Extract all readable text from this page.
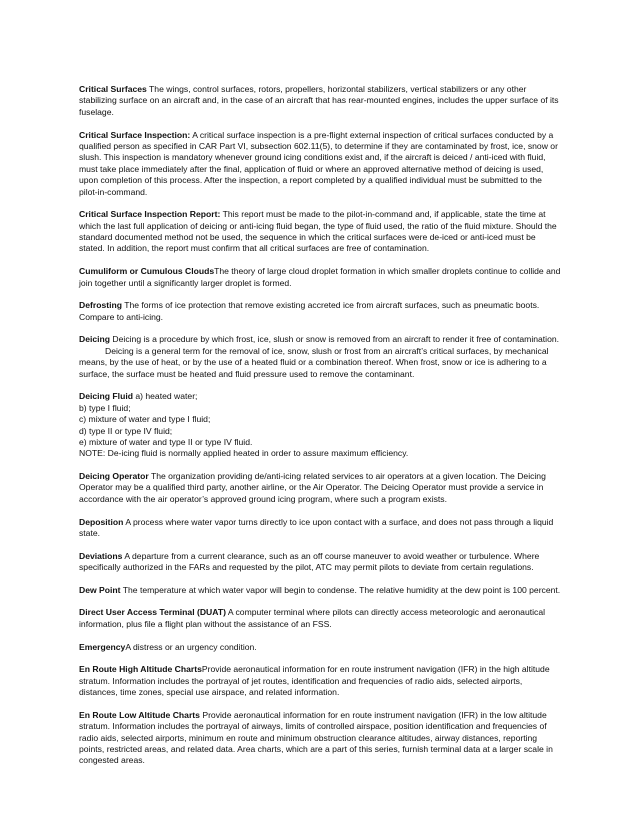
Critical Surfaces The wings, control surfaces, rotors, propellers, horizontal stabilizers, vertical stabilizers or any other stabilizing surface on an aircraft and, in the case of an aircraft that has rear-mounted engines, includes the upper surface of its fuselage.

Critical Surface Inspection: A critical surface inspection is a pre-flight external inspection of critical surfaces conducted by a qualified person as specified in CAR Part VI, subsection 602.11(5), to determine if they are contaminated by frost, ice, snow or slush. This inspection is mandatory whenever ground icing conditions exist and, if the aircraft is deiced / anti-iced with fluid, must take place immediately after the final, application of fluid or where an approved alternative method of deicing is used, upon completion of this process. After the inspection, a report completed by a qualified individual must be submitted to the pilot-in-command.

Critical Surface Inspection Report: This report must be made to the pilot-in-command and, if applicable, state the time at which the last full application of deicing or anti-icing fluid began, the type of fluid used, the ratio of the fluid mixture. Should the standard documented method not be used, the sequence in which the critical surfaces were de-iced or anti-iced must be stated. In addition, the report must confirm that all critical surfaces are free of contamination.

Cumuliform or Cumulous CloudsThe theory of large cloud droplet formation in which smaller droplets continue to collide and join together until a significantly larger droplet is formed.

Defrosting The forms of ice protection that remove existing accreted ice from aircraft surfaces, such as pneumatic boots. Compare to anti-icing.

Deicing Deicing is a procedure by which frost, ice, slush or snow is removed from an aircraft to render it free of contamination.
Deicing is a general term for the removal of ice, snow, slush or frost from an aircraft’s critical surfaces, by mechanical means, by the use of heat, or by the use of a heated fluid or a combination thereof. When frost, snow or ice is adhering to a surface, the surface must be heated and fluid pressure used to remove the contaminant.

Deicing Fluid a) heated water;
b) type I fluid;
c) mixture of water and type I fluid;
d) type II or type IV fluid;
e) mixture of water and type II or type IV fluid.
NOTE: De-icing fluid is normally applied heated in order to assure maximum efficiency.

Deicing Operator The organization providing de/anti-icing related services to air operators at a given location. The Deicing Operator may be a qualified third party, another airline, or the Air Operator. The Deicing Operator must provide a service in accordance with the air operator’s approved ground icing program, where such a program exists.

Deposition A process where water vapor turns directly to ice upon contact with a surface, and does not pass through a liquid state.

Deviations A departure from a current clearance, such as an off course maneuver to avoid weather or turbulence. Where specifically authorized in the FARs and requested by the pilot, ATC may permit pilots to deviate from certain regulations.

Dew Point The temperature at which water vapor will begin to condense. The relative humidity at the dew point is 100 percent.

Direct User Access Terminal (DUAT) A computer terminal where pilots can directly access meteorologic and aeronautical information, plus file a flight plan without the assistance of an FSS.

EmergencyA distress or an urgency condition.

En Route High Altitude ChartsProvide aeronautical information for en route instrument navigation (IFR) in the high altitude stratum. Information includes the portrayal of jet routes, identification and frequencies of radio aids, selected airports, distances, time zones, special use airspace, and related information.

En Route Low Altitude Charts Provide aeronautical information for en route instrument navigation (IFR) in the low altitude stratum. Information includes the portrayal of airways, limits of controlled airspace, position identification and frequencies of radio aids, selected airports, minimum en route and minimum obstruction clearance altitudes, airway distances, reporting points, restricted areas, and related data. Area charts, which are a part of this series, furnish terminal data at a larger scale in congested areas.
